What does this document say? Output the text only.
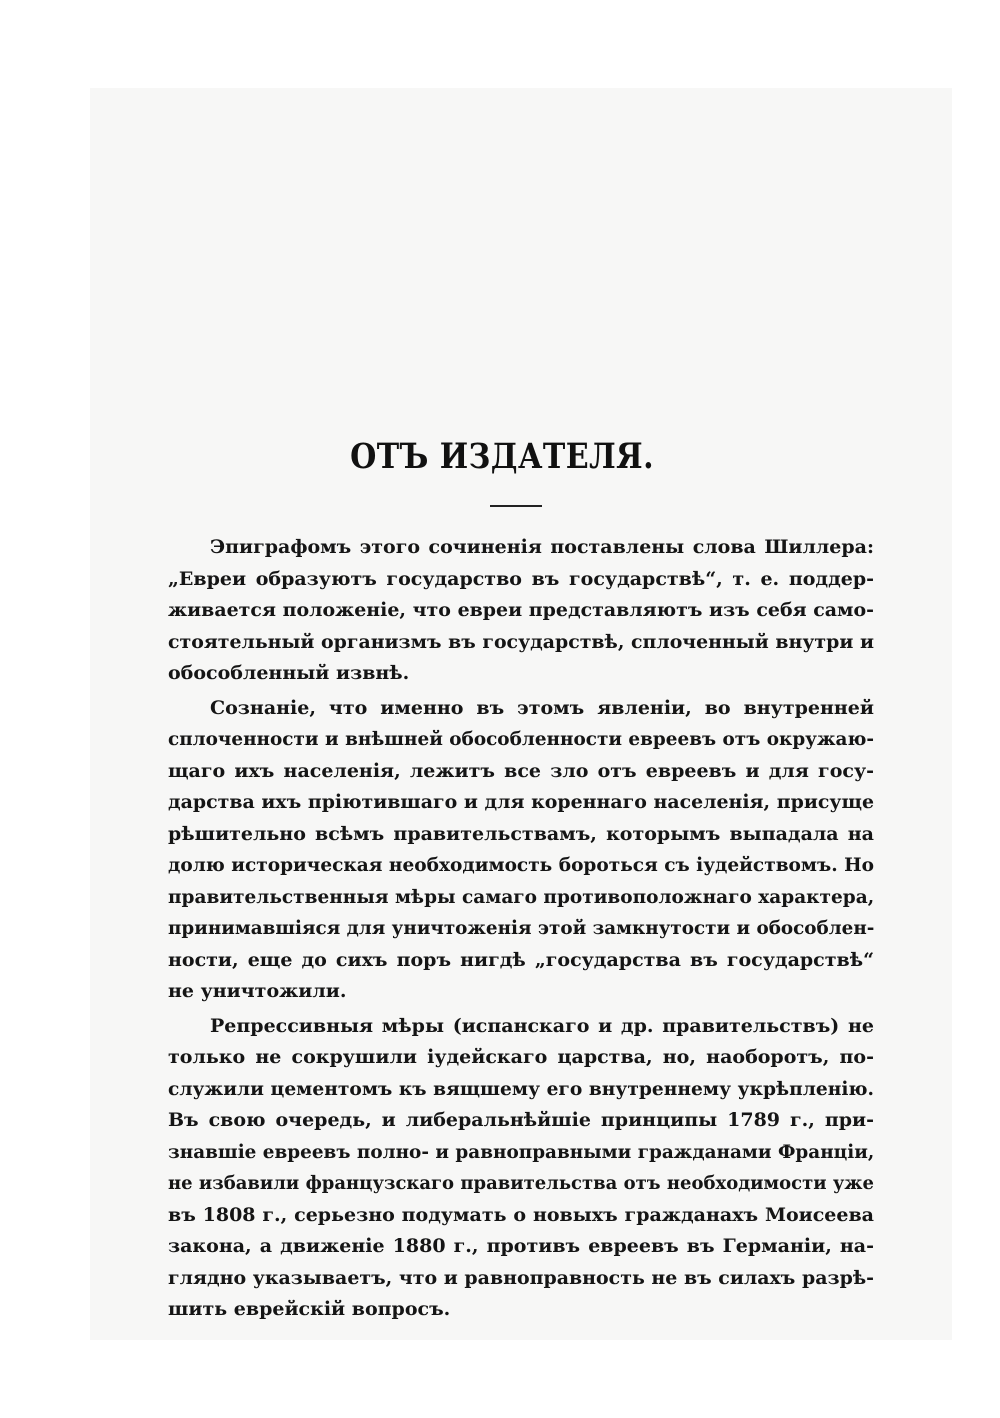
ОТЪ ИЗДАТЕЛЯ.
Эпиграфомъ этого сочиненія поставлены слова Шиллера:
„Евреи образуютъ государство въ государствѣ“, т. е. поддер-
живается положеніе, что евреи представляютъ изъ себя само-
стоятельный организмъ въ государствѣ, сплоченный внутри и
обособленный извнѣ.
Сознаніе, что именно въ этомъ явленіи, во внутренней
сплоченности и внѣшней обособленности евреевъ отъ окружаю-
щаго ихъ населенія, лежитъ все зло отъ евреевъ и для госу-
дарства ихъ пріютившаго и для кореннаго населенія, присуще
рѣшительно всѣмъ правительствамъ, которымъ выпадала на
долю историческая необходимость бороться съ іудействомъ. Но
правительственныя мѣры самаго противоположнаго характера,
принимавшіяся для уничтоженія этой замкнутости и обособлен-
ности, еще до сихъ поръ нигдѣ „государства въ государствѣ“
не уничтожили.
Репрессивныя мѣры (испанскаго и др. правительствъ) не
только не сокрушили іудейскаго царства, но, наоборотъ, по-
служили цементомъ къ вящшему его внутреннему укрѣпленію.
Въ свою очередь, и либеральнѣйшіе принципы 1789 г., при-
знавшіе евреевъ полно- и равноправными гражданами Франціи,
не избавили французскаго правительства отъ необходимости уже
въ 1808 г., серьезно подумать о новыхъ гражданахъ Моисеева
закона, а движеніе 1880 г., противъ евреевъ въ Германіи, на-
глядно указываетъ, что и равноправность не въ силахъ разрѣ-
шить еврейскій вопросъ.
